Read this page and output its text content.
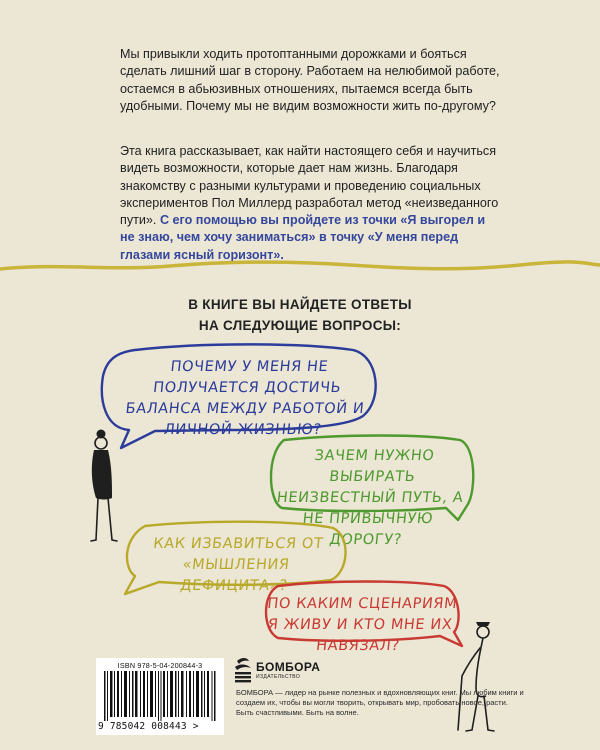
Мы привыкли ходить протоптанными дорожками и бояться сделать лишний шаг в сторону. Работаем на нелюбимой работе, остаемся в абьюзивных отношениях, пытаемся всегда быть удобными. Почему мы не видим возможности жить по-другому?

Эта книга рассказывает, как найти настоящего себя и научиться видеть возможности, которые дает нам жизнь. Благодаря знакомству с разными культурами и проведению социальных экспериментов Пол Миллерд разработал метод «неизведанного пути». С его помощью вы пройдете из точки «Я выгорел и не знаю, чем хочу заниматься» в точку «У меня перед глазами ясный горизонт».

В КНИГЕ ВЫ НАЙДЕТЕ ОТВЕТЫ
НА СЛЕДУЮЩИЕ ВОПРОСЫ:
ПОЧЕМУ У МЕНЯ НЕ ПОЛУЧАЕТСЯ ДОСТИЧЬ БАЛАНСА МЕЖДУ РАБОТОЙ И ЛИЧНОЙ ЖИЗНЬЮ?
ЗАЧЕМ НУЖНО ВЫБИРАТЬ НЕИЗВЕСТНЫЙ ПУТЬ, А НЕ ПРИВЫЧНУЮ ДОРОГУ?
КАК ИЗБАВИТЬСЯ ОТ «МЫШЛЕНИЯ ДЕФИЦИТА»?
ПО КАКИМ СЦЕНАРИЯМ Я ЖИВУ И КТО МНЕ ИХ НАВЯЗАЛ?
ISBN 978-5-04-200844-3
9 785042 008443 >
БОМБОРА
ИЗДАТЕЛЬСТВО
БОМБОРА — лидер на рынке полезных и вдохновляющих книг. Мы любим книги и создаем их, чтобы вы могли творить, открывать мир, пробовать новое, расти. Быть счастливыми. Быть на волне.
